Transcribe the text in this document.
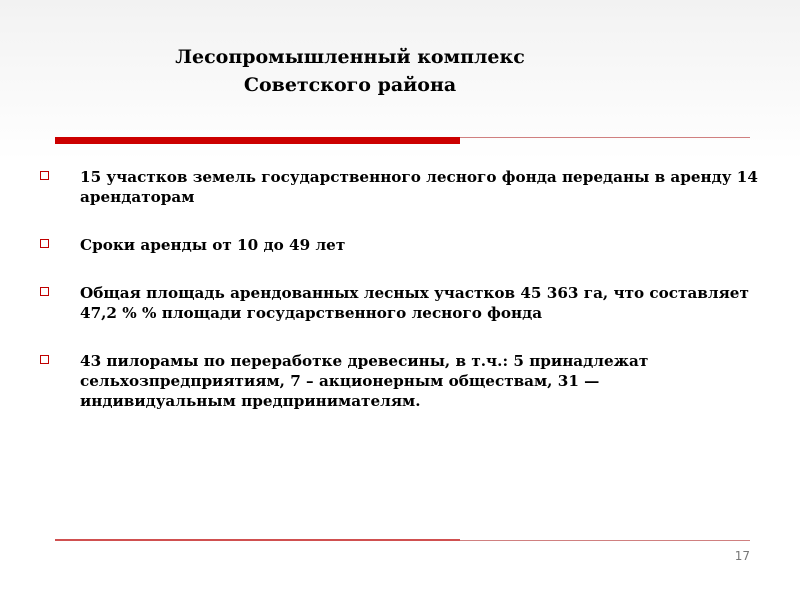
Лесопромышленный комплекс
Советского района
15 участков земель государственного лесного фонда переданы в аренду 14 арендаторам
Сроки аренды от 10 до 49 лет
Общая площадь арендованных лесных участков 45 363 га, что составляет 47,2 % % площади государственного лесного фонда
43 пилорамы по переработке древесины, в т.ч.: 5 принадлежат сельхозпредприятиям, 7 – акционерным обществам, 31 — индивидуальным предпринимателям.
17
